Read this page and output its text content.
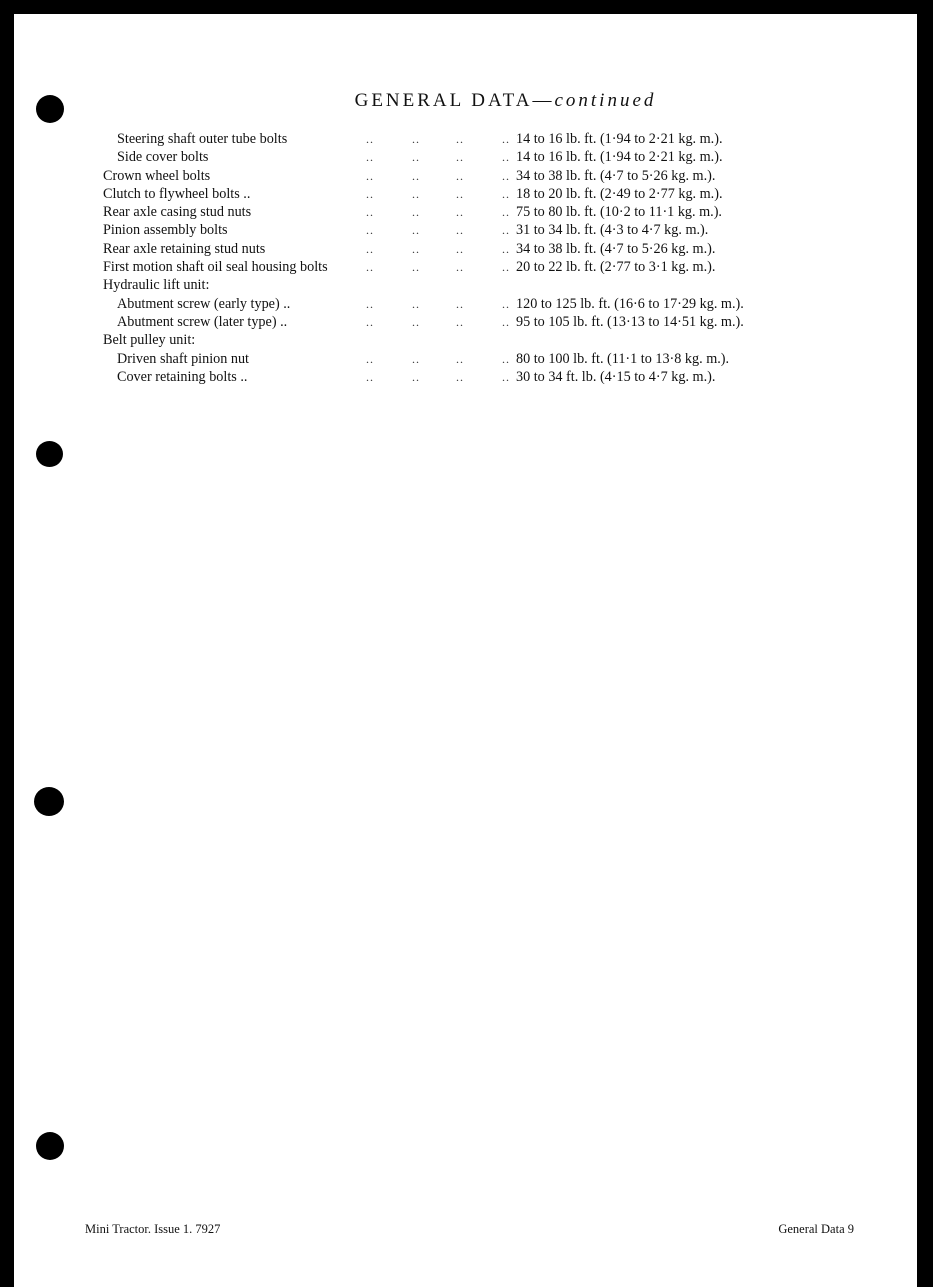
GENERAL DATA—continued
Steering shaft outer tube bolts	..	..	..	.. 14 to 16 lb. ft. (1·94 to 2·21 kg. m.).
Side cover bolts	..	..	..	.. 14 to 16 lb. ft. (1·94 to 2·21 kg. m.).
Crown wheel bolts	..	..	..	.. 34 to 38 lb. ft. (4·7 to 5·26 kg. m.).
Clutch to flywheel bolts ..	..	..	..	.. 18 to 20 lb. ft. (2·49 to 2·77 kg. m.).
Rear axle casing stud nuts	..	..	..	.. 75 to 80 lb. ft. (10·2 to 11·1 kg. m.).
Pinion assembly bolts	..	..	..	.. 31 to 34 lb. ft. (4·3 to 4·7 kg. m.).
Rear axle retaining stud nuts	..	..	..	.. 34 to 38 lb. ft. (4·7 to 5·26 kg. m.).
First motion shaft oil seal housing bolts	..	..	..	.. 20 to 22 lb. ft. (2·77 to 3·1 kg. m.).
Hydraulic lift unit:
Abutment screw (early type) ..	..	..	..	.. 120 to 125 lb. ft. (16·6 to 17·29 kg. m.).
Abutment screw (later type) ..	..	..	..	.. 95 to 105 lb. ft. (13·13 to 14·51 kg. m.).
Belt pulley unit:
Driven shaft pinion nut	..	..	..	.. 80 to 100 lb. ft. (11·1 to 13·8 kg. m.).
Cover retaining bolts ..	..	..	..	.. 30 to 34 ft. lb. (4·15 to 4·7 kg. m.).
Mini Tractor. Issue 1. 7927	General Data 9
